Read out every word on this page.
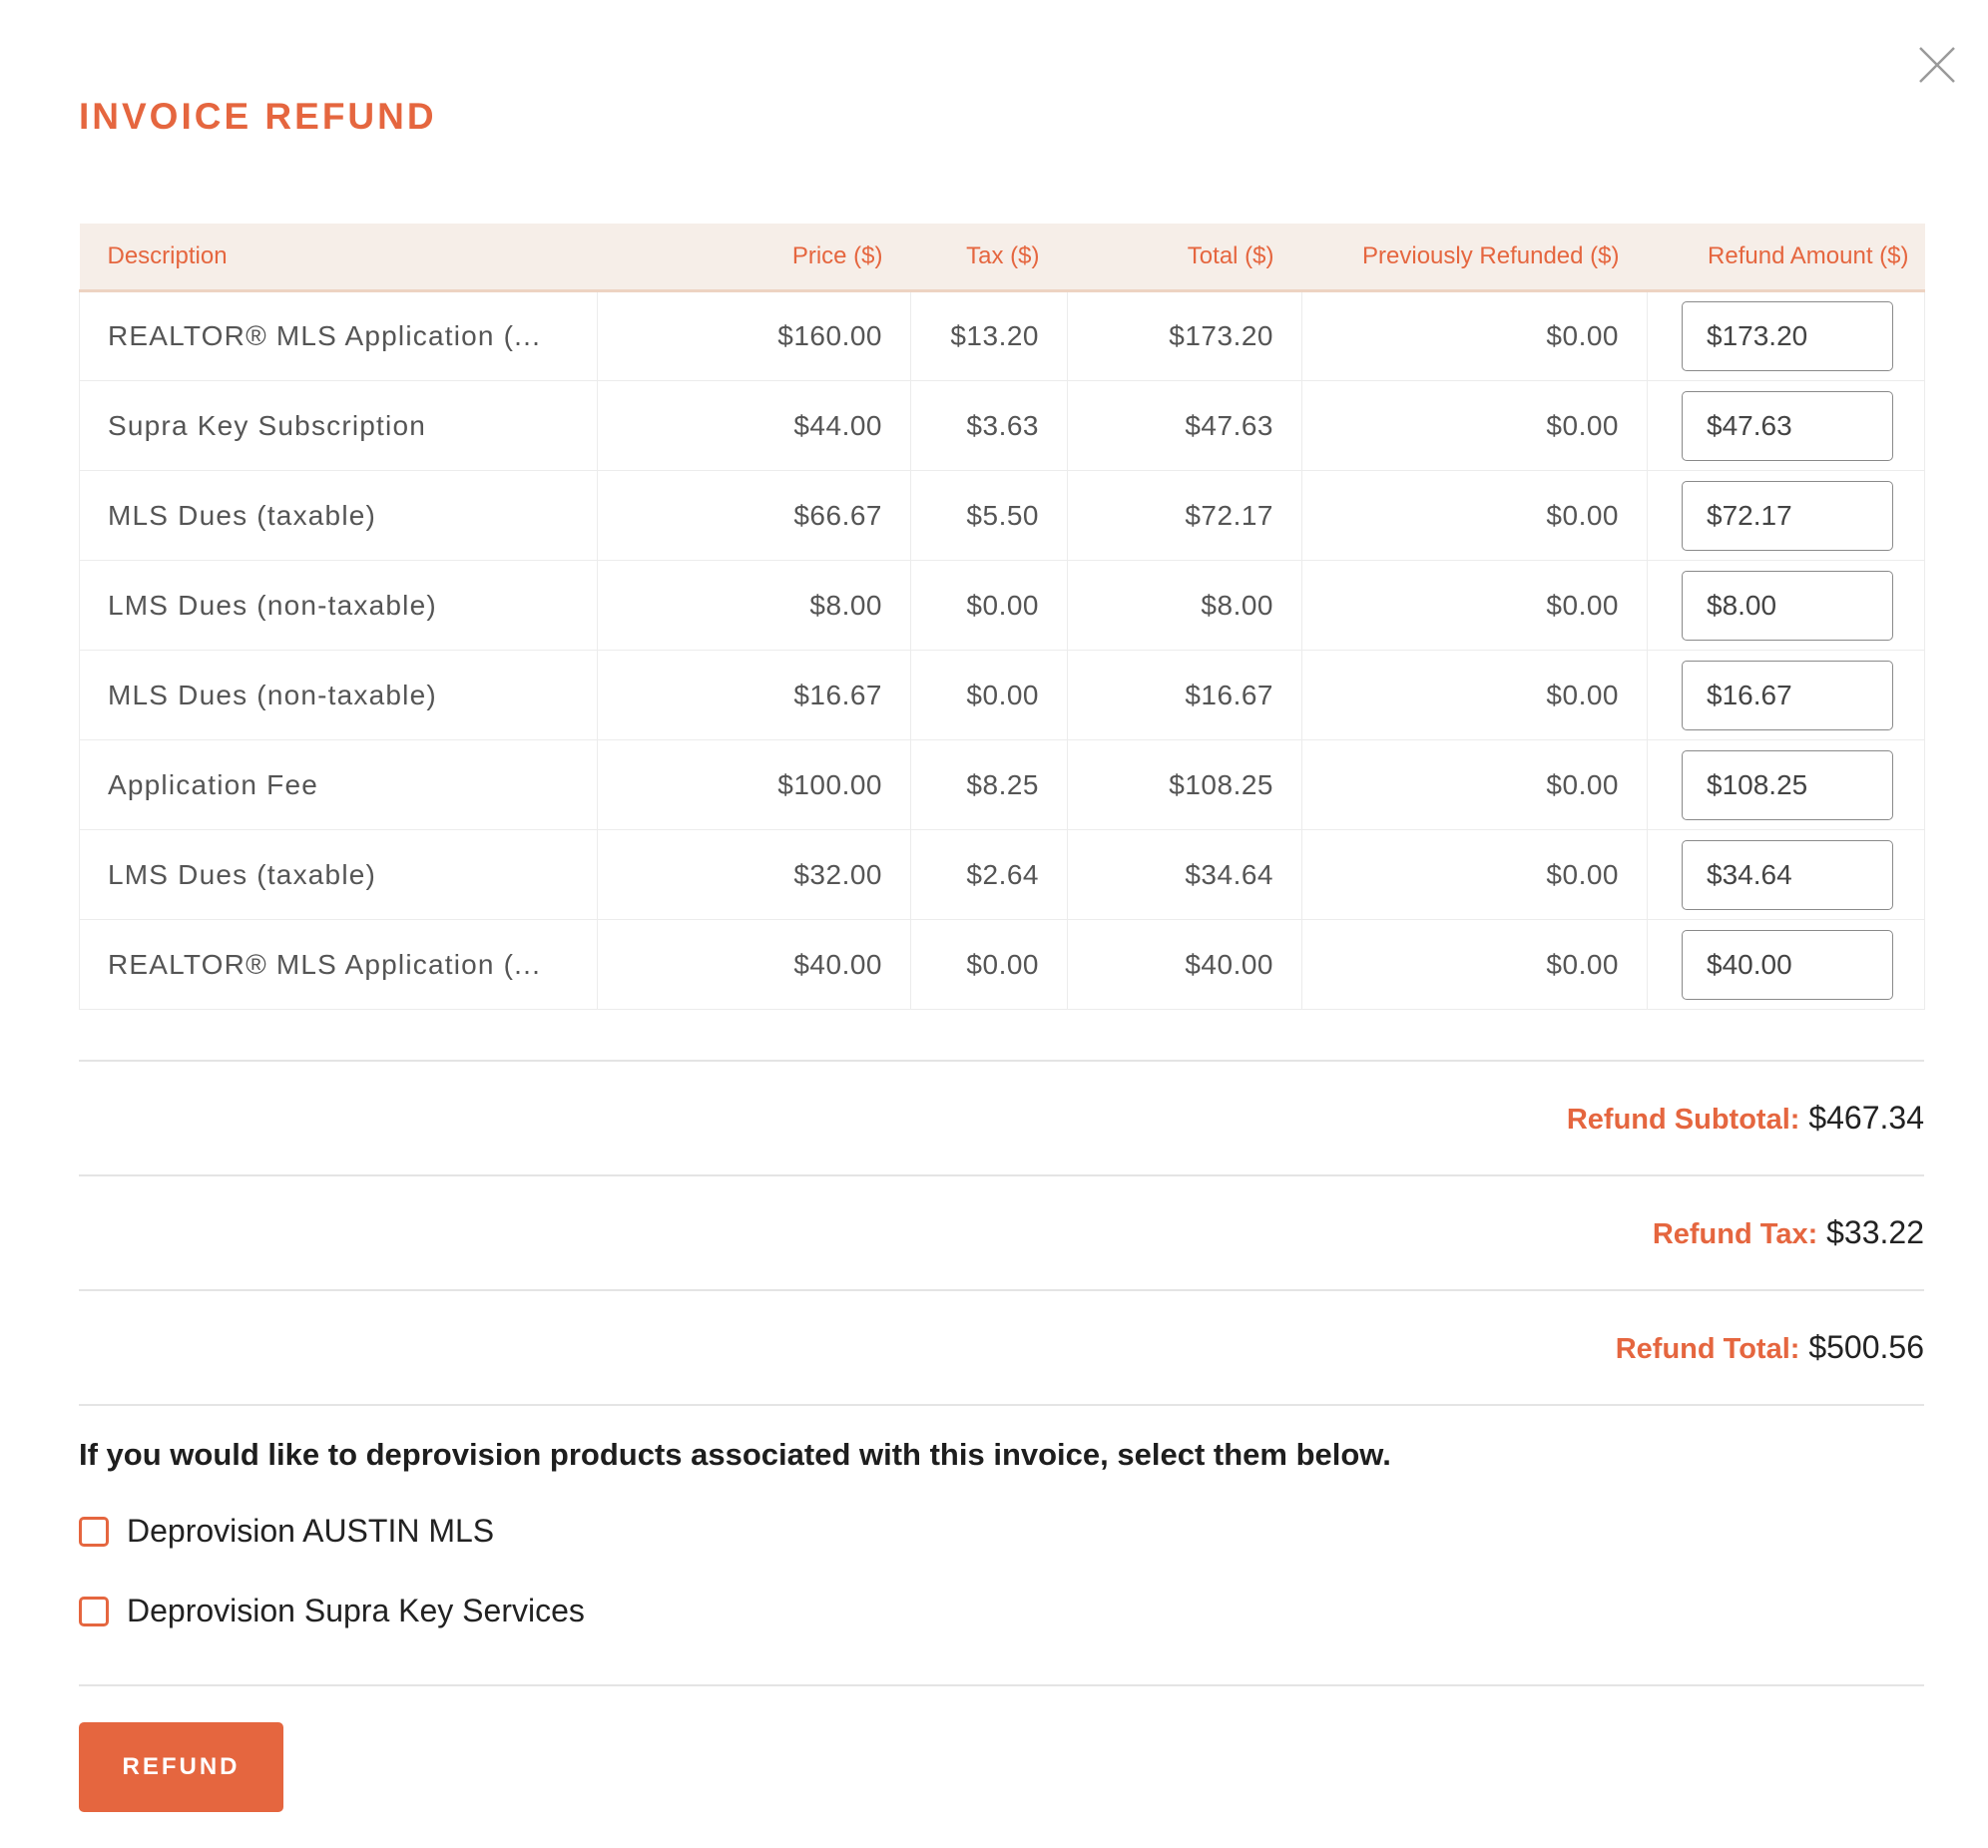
INVOICE REFUND
Description	Price ($)	Tax ($)	Total ($)	Previously Refunded ($)	Refund Amount ($)
REALTOR® MLS Application (...	$160.00	$13.20	$173.20	$0.00	$173.20
Supra Key Subscription	$44.00	$3.63	$47.63	$0.00	$47.63
MLS Dues (taxable)	$66.67	$5.50	$72.17	$0.00	$72.17
LMS Dues (non-taxable)	$8.00	$0.00	$8.00	$0.00	$8.00
MLS Dues (non-taxable)	$16.67	$0.00	$16.67	$0.00	$16.67
Application Fee	$100.00	$8.25	$108.25	$0.00	$108.25
LMS Dues (taxable)	$32.00	$2.64	$34.64	$0.00	$34.64
REALTOR® MLS Application (...	$40.00	$0.00	$40.00	$0.00	$40.00
Refund Subtotal: $467.34
Refund Tax: $33.22
Refund Total: $500.56

If you would like to deprovision products associated with this invoice, select them below.

Deprovision AUSTIN MLS
Deprovision Supra Key Services
REFUND
